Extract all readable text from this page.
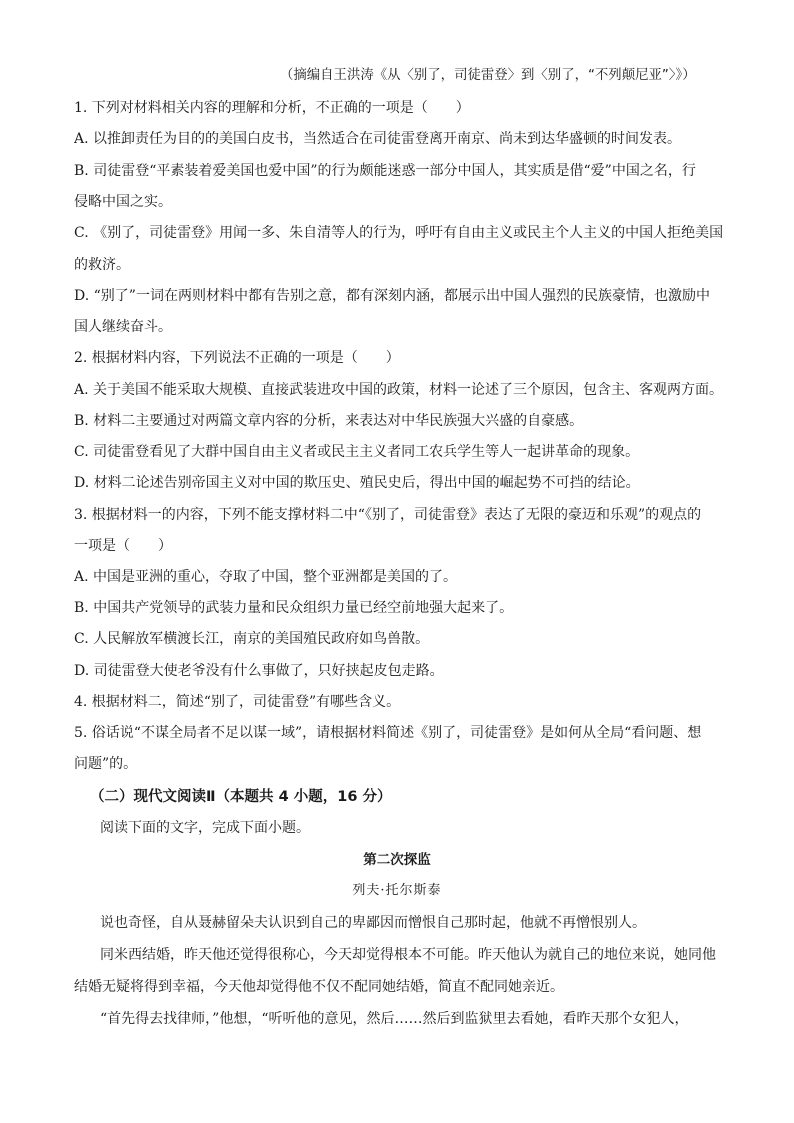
（摘编自王洪涛《从〈别了，司徒雷登〉到〈别了，“不列颠尼亚”〉》）
1. 下列对材料相关内容的理解和分析，不正确的一项是（　　）
A. 以推卸责任为目的的美国白皮书，当然适合在司徒雷登离开南京、尚未到达华盛顿的时间发表。
B. 司徒雷登“平素装着爱美国也爱中国”的行为颇能迷惑一部分中国人，其实质是借“爱”中国之名，行
侵略中国之实。
C. 《别了，司徒雷登》用闻一多、朱自清等人的行为，呼吁有自由主义或民主个人主义的中国人拒绝美国
的救济。
D. “别了”一词在两则材料中都有告别之意，都有深刻内涵，都展示出中国人强烈的民族豪情，也激励中
国人继续奋斗。
2. 根据材料内容，下列说法不正确的一项是（　　）
A. 关于美国不能采取大规模、直接武装进攻中国的政策，材料一论述了三个原因，包含主、客观两方面。
B. 材料二主要通过对两篇文章内容的分析，来表达对中华民族强大兴盛的自豪感。
C. 司徒雷登看见了大群中国自由主义者或民主主义者同工农兵学生等人一起讲革命的现象。
D. 材料二论述告别帝国主义对中国的欺压史、殖民史后，得出中国的崛起势不可挡的结论。
3. 根据材料一的内容，下列不能支撑材料二中“《别了，司徒雷登》表达了无限的豪迈和乐观”的观点的
一项是（　　）
A. 中国是亚洲的重心，夺取了中国，整个亚洲都是美国的了。
B. 中国共产党领导的武装力量和民众组织力量已经空前地强大起来了。
C. 人民解放军横渡长江，南京的美国殖民政府如鸟兽散。
D. 司徒雷登大使老爷没有什么事做了，只好挟起皮包走路。
4. 根据材料二，简述“别了，司徒雷登”有哪些含义。
5. 俗话说“不谋全局者不足以谋一域”，请根据材料简述《别了，司徒雷登》是如何从全局“看问题、想
问题”的。
（二）现代文阅读Ⅱ（本题共 4 小题，16 分）
阅读下面的文字，完成下面小题。
第二次探监
列夫·托尔斯泰
说也奇怪，自从聂赫留朵夫认识到自己的卑鄙因而憎恨自己那时起，他就不再憎恨别人。
同米西结婚，昨天他还觉得很称心，今天却觉得根本不可能。昨天他认为就自己的地位来说，她同他
结婚无疑将得到幸福，今天他却觉得他不仅不配同她结婚，简直不配同她亲近。
“首先得去找律师，”他想，“听听他的意见，然后……然后到监狱里去看她，看昨天那个女犯人，
